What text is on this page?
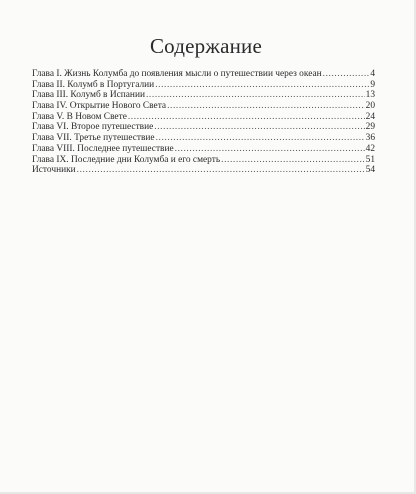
Содержание
Глава I. Жизнь Колумба до появления мысли о путешествии через океан .....	4
Глава II. Колумб в Португалии .....	9
Глава III. Колумб в Испании .....	13
Глава IV. Открытие Нового Света .....	20
Глава V. В Новом Свете .....	24
Глава VI. Второе путешествие .....	29
Глава VII. Третье путешествие .....	36
Глава VIII. Последнее путешествие .....	42
Глава IX. Последние дни Колумба и его смерть .....	51
Источники .....	54
